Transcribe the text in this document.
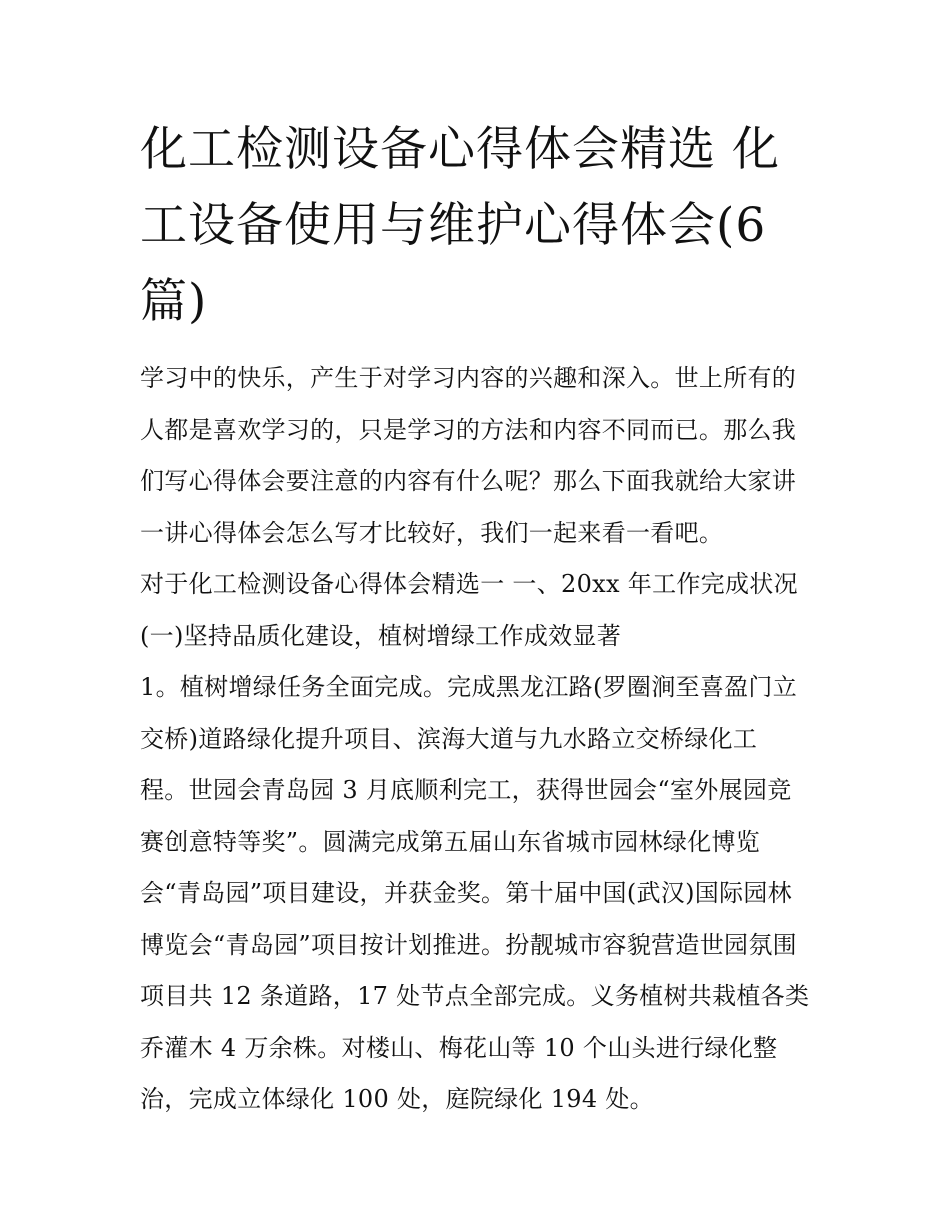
化工检测设备心得体会精选 化工设备使用与维护心得体会(6篇)
学习中的快乐，产生于对学习内容的兴趣和深入。世上所有的
人都是喜欢学习的，只是学习的方法和内容不同而已。那么我
们写心得体会要注意的内容有什么呢？那么下面我就给大家讲
一讲心得体会怎么写才比较好，我们一起来看一看吧。
对于化工检测设备心得体会精选一 一、20xx 年工作完成状况
(一)坚持品质化建设，植树增绿工作成效显著
1。植树增绿任务全面完成。完成黑龙江路(罗圈涧至喜盈门立
交桥)道路绿化提升项目、滨海大道与九水路立交桥绿化工
程。世园会青岛园 3 月底顺利完工，获得世园会“室外展园竞
赛创意特等奖”。圆满完成第五届山东省城市园林绿化博览
会“青岛园”项目建设，并获金奖。第十届中国(武汉)国际园林
博览会“青岛园”项目按计划推进。扮靓城市容貌营造世园氛围
项目共 12 条道路，17 处节点全部完成。义务植树共栽植各类
乔灌木 4 万余株。对楼山、梅花山等 10 个山头进行绿化整
治，完成立体绿化 100 处，庭院绿化 194 处。
